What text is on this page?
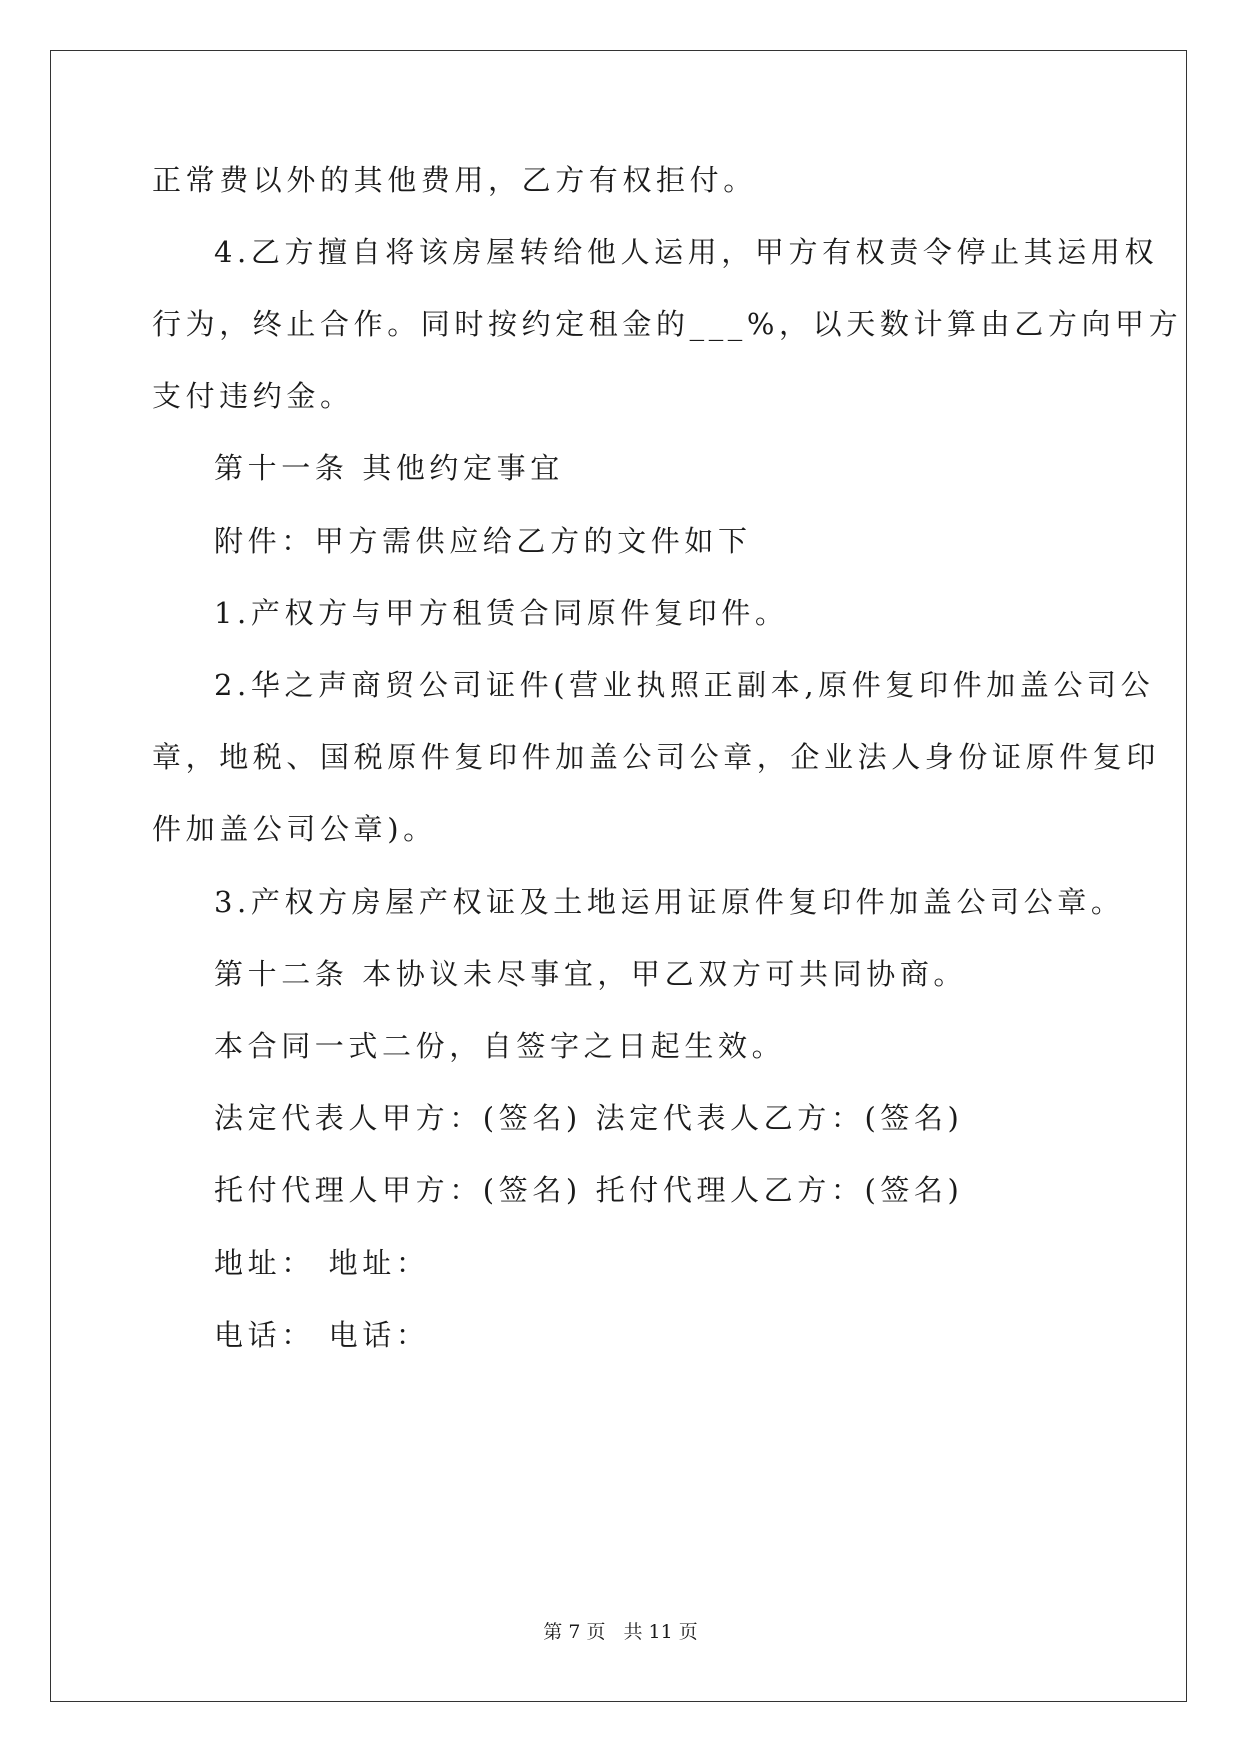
正常费以外的其他费用，乙方有权拒付。
4.乙方擅自将该房屋转给他人运用，甲方有权责令停止其运用权
行为，终止合作。同时按约定租金的___%，以天数计算由乙方向甲方
支付违约金。
第十一条 其他约定事宜
附件：甲方需供应给乙方的文件如下
1.产权方与甲方租赁合同原件复印件。
2.华之声商贸公司证件(营业执照正副本,原件复印件加盖公司公
章，地税、国税原件复印件加盖公司公章，企业法人身份证原件复印
件加盖公司公章)。
3.产权方房屋产权证及土地运用证原件复印件加盖公司公章。
第十二条 本协议未尽事宜，甲乙双方可共同协商。
本合同一式二份，自签字之日起生效。
法定代表人甲方：(签名) 法定代表人乙方：(签名)
托付代理人甲方：(签名) 托付代理人乙方：(签名)
地址： 地址：
电话： 电话：
第 7 页 共 11 页
